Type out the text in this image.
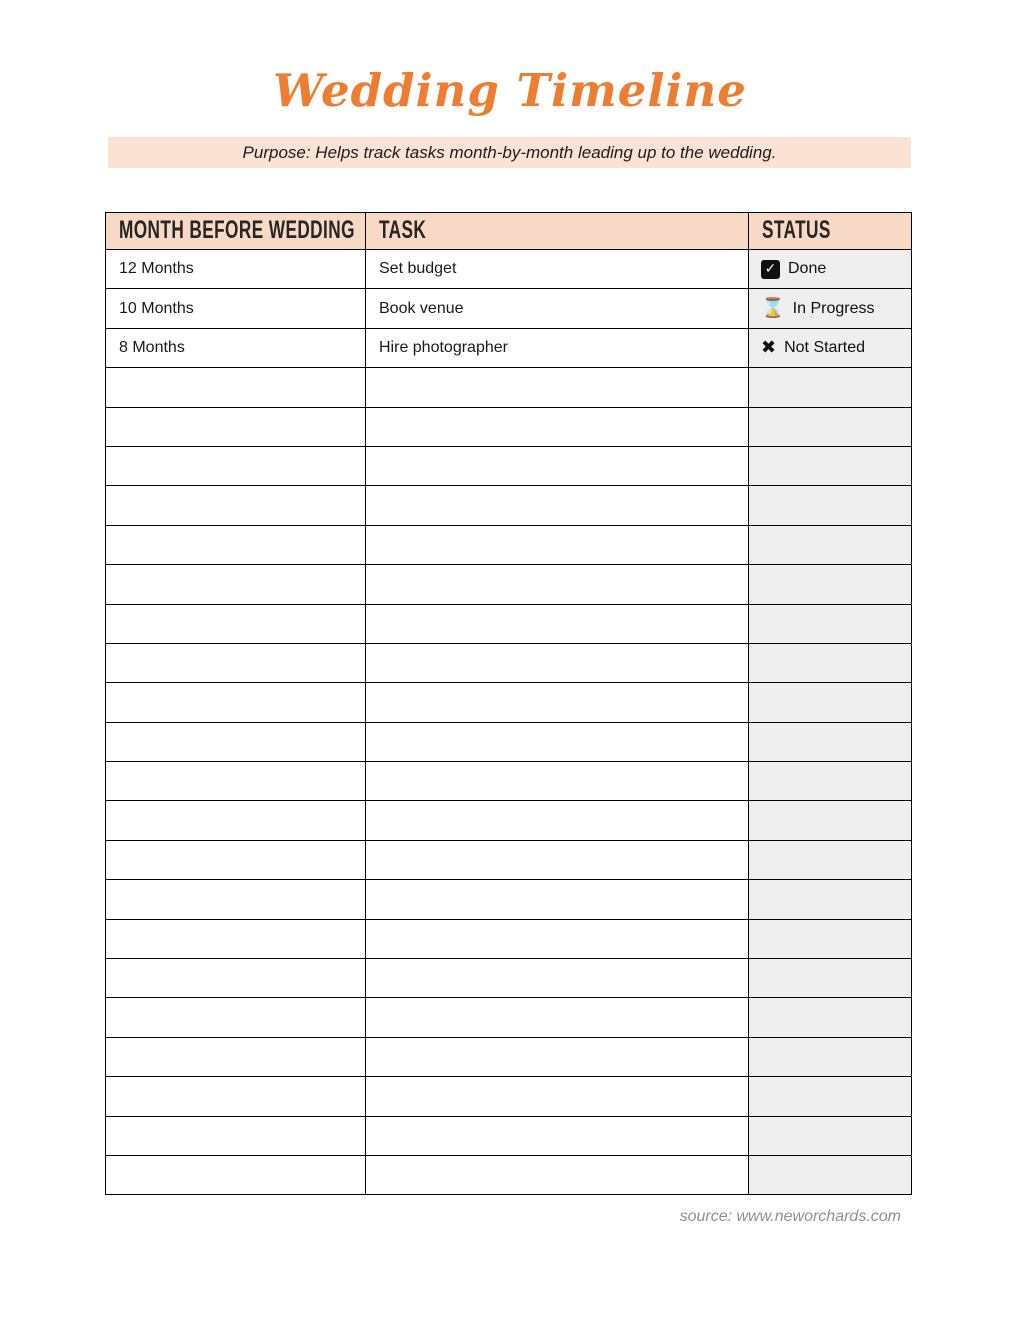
Wedding Timeline
Purpose: Helps track tasks month-by-month leading up to the wedding.
MONTH BEFORE WEDDING	TASK	STATUS
12 Months	Set budget	✓ Done

10 Months	Book venue	⌛ In Progress

8 Months	Hire photographer	✖ Not Started

source: www.neworchards.com
